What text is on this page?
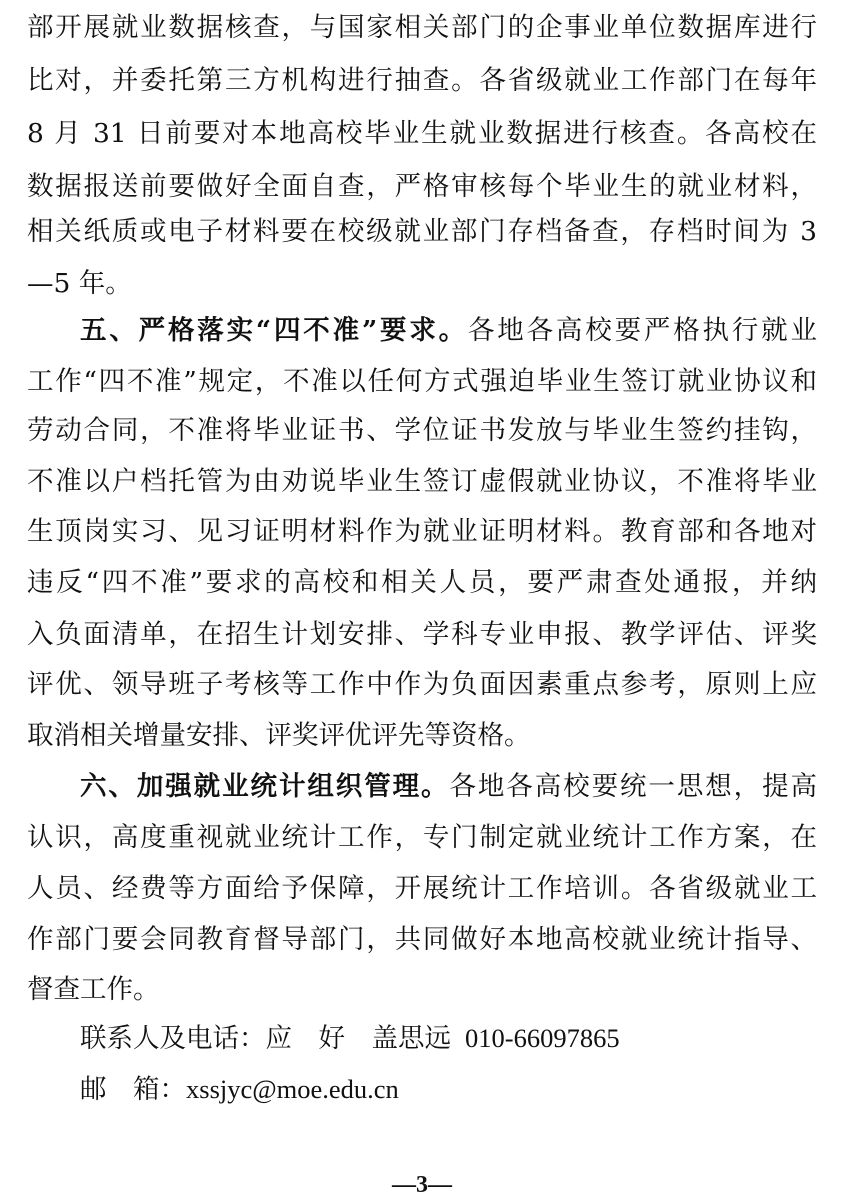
部开展就业数据核查，与国家相关部门的企事业单位数据库进行
比对，并委托第三方机构进行抽查。各省级就业工作部门在每年
8 月 31 日前要对本地高校毕业生就业数据进行核查。各高校在
数据报送前要做好全面自查，严格审核每个毕业生的就业材料，
相关纸质或电子材料要在校级就业部门存档备查，存档时间为 3
—5 年。
五、严格落实“四不准”要求。各地各高校要严格执行就业
工作“四不准”规定，不准以任何方式强迫毕业生签订就业协议和
劳动合同，不准将毕业证书、学位证书发放与毕业生签约挂钩，
不准以户档托管为由劝说毕业生签订虚假就业协议，不准将毕业
生顶岗实习、见习证明材料作为就业证明材料。教育部和各地对
违反“四不准”要求的高校和相关人员，要严肃查处通报，并纳
入负面清单，在招生计划安排、学科专业申报、教学评估、评奖
评优、领导班子考核等工作中作为负面因素重点参考，原则上应
取消相关增量安排、评奖评优评先等资格。
六、加强就业统计组织管理。各地各高校要统一思想，提高
认识，高度重视就业统计工作，专门制定就业统计工作方案，在
人员、经费等方面给予保障，开展统计工作培训。各省级就业工
作部门要会同教育督导部门，共同做好本地高校就业统计指导、
督查工作。
联系人及电话：应　好　盖思远 010-66097865
邮　箱：xssjyc@moe.edu.cn
—3—
